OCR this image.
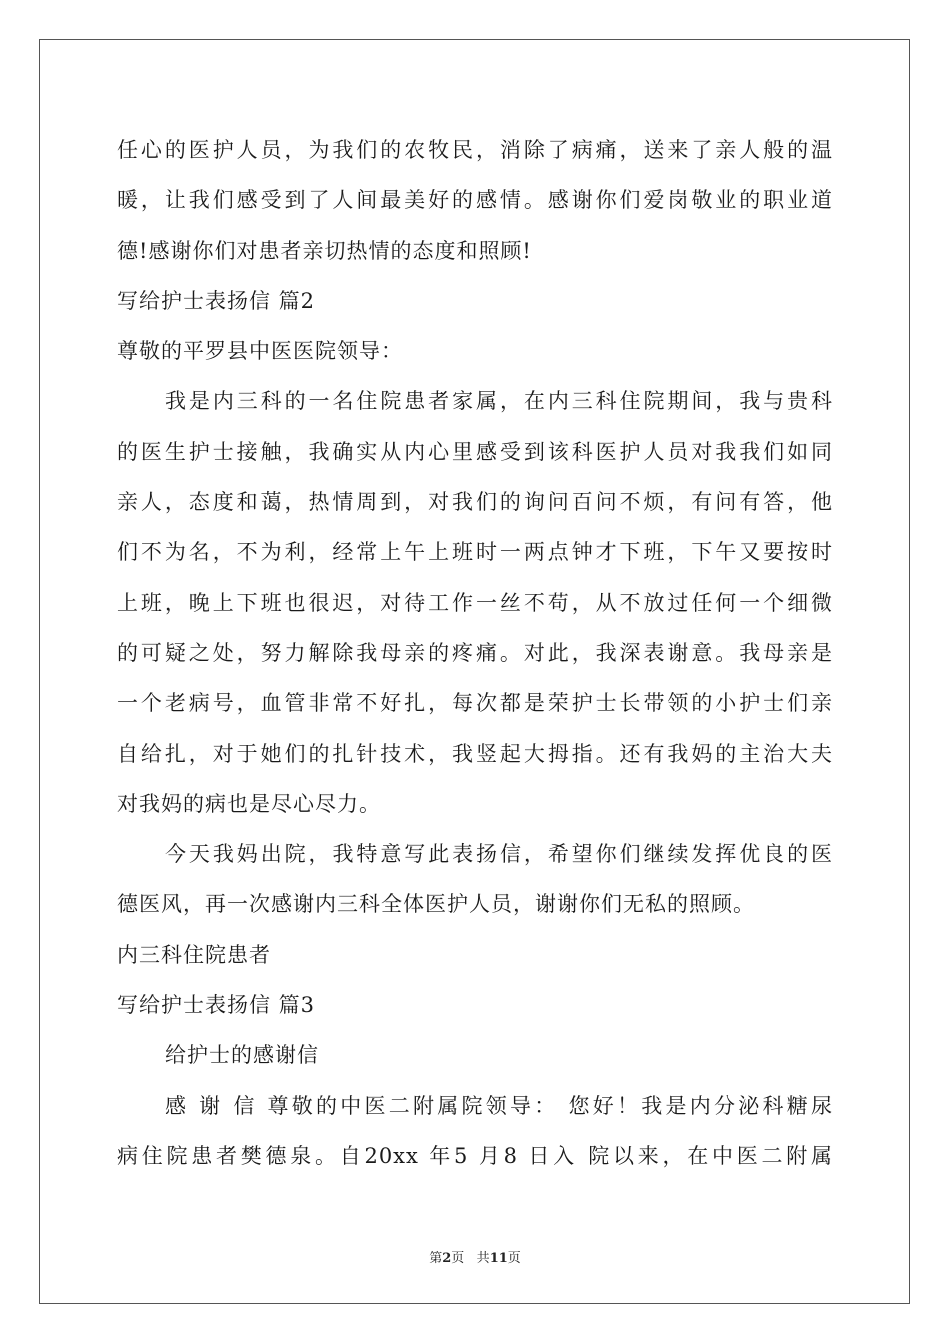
任心的医护人员，为我们的农牧民，消除了病痛，送来了亲人般的温
暖，让我们感受到了人间最美好的感情。感谢你们爱岗敬业的职业道
德!感谢你们对患者亲切热情的态度和照顾!
写给护士表扬信 篇2
尊敬的平罗县中医医院领导：
我是内三科的一名住院患者家属，在内三科住院期间，我与贵科
的医生护士接触，我确实从内心里感受到该科医护人员对我我们如同
亲人，态度和蔼，热情周到，对我们的询问百问不烦，有问有答，他
们不为名，不为利，经常上午上班时一两点钟才下班，下午又要按时
上班，晚上下班也很迟，对待工作一丝不苟，从不放过任何一个细微
的可疑之处，努力解除我母亲的疼痛。对此，我深表谢意。我母亲是
一个老病号，血管非常不好扎，每次都是荣护士长带领的小护士们亲
自给扎，对于她们的扎针技术，我竖起大拇指。还有我妈的主治大夫
对我妈的病也是尽心尽力。
今天我妈出院，我特意写此表扬信，希望你们继续发挥优良的医
德医风，再一次感谢内三科全体医护人员，谢谢你们无私的照顾。
内三科住院患者
写给护士表扬信 篇3
给护士的感谢信
感 谢 信 尊敬的中医二附属院领导： 您好！我是内分泌科糖尿
病住院患者樊德泉。自20xx 年5 月8 日入 院以来，在中医二附属
第2页 共11页
